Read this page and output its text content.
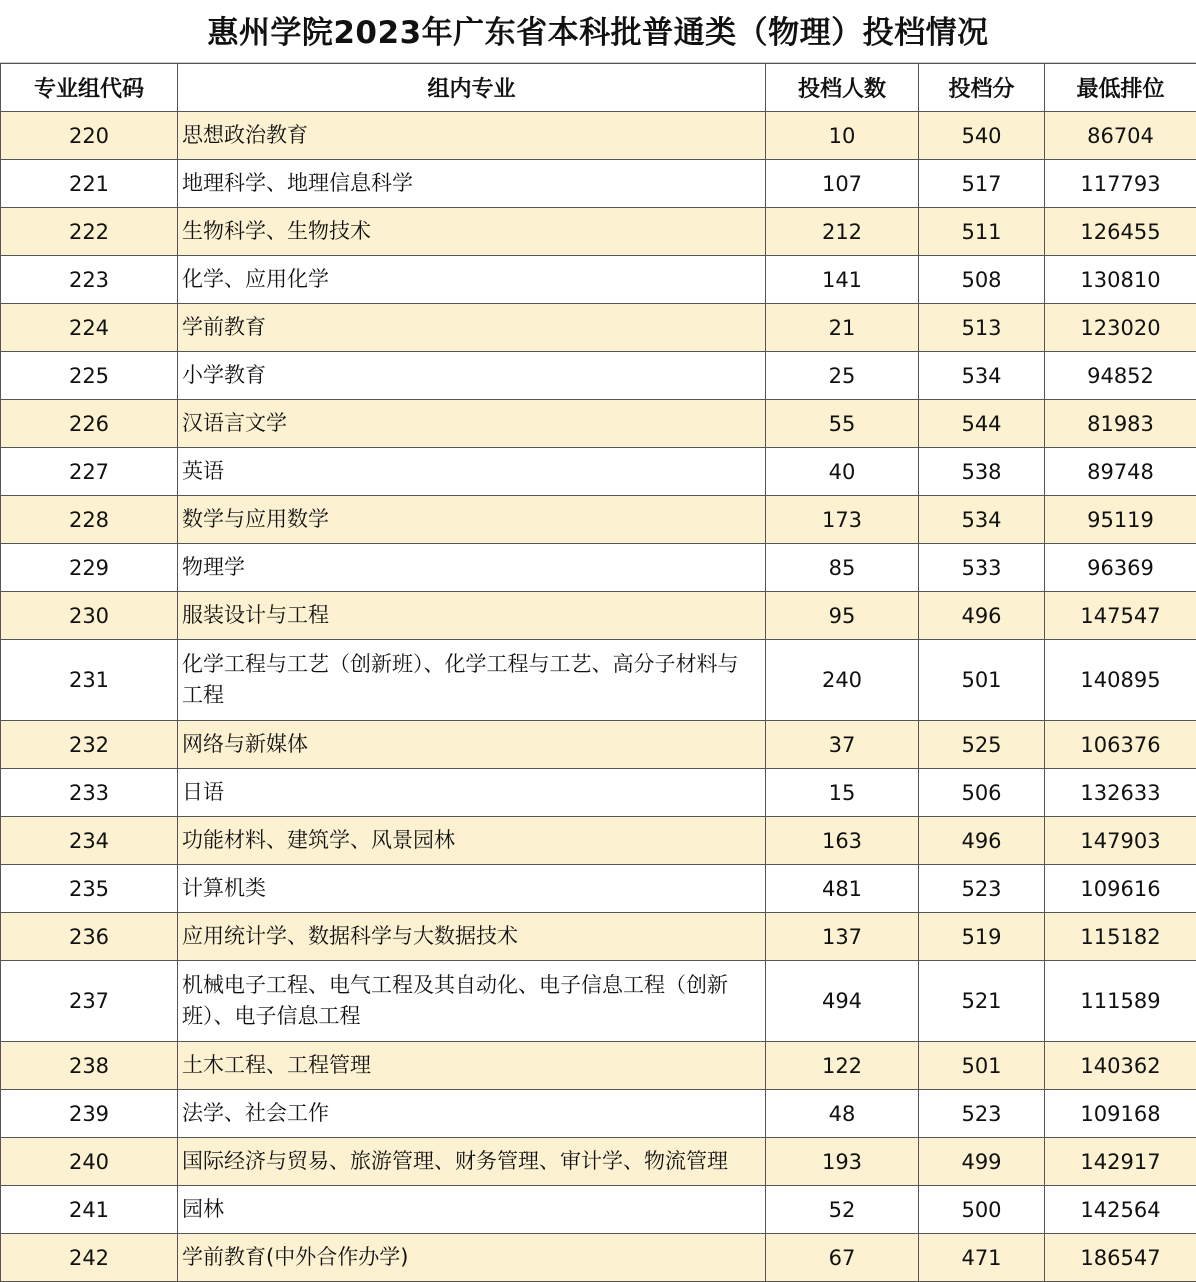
惠州学院2023年广东省本科批普通类（物理）投档情况
专业组代码	组内专业	投档人数	投档分	最低排位
220	思想政治教育	10	540	86704
221	地理科学、地理信息科学	107	517	117793
222	生物科学、生物技术	212	511	126455
223	化学、应用化学	141	508	130810
224	学前教育	21	513	123020
225	小学教育	25	534	94852
226	汉语言文学	55	544	81983
227	英语	40	538	89748
228	数学与应用数学	173	534	95119
229	物理学	85	533	96369
230	服装设计与工程	95	496	147547
231	化学工程与工艺（创新班）、化学工程与工艺、高分子材料与工程	240	501	140895
232	网络与新媒体	37	525	106376
233	日语	15	506	132633
234	功能材料、建筑学、风景园林	163	496	147903
235	计算机类	481	523	109616
236	应用统计学、数据科学与大数据技术	137	519	115182
237	机械电子工程、电气工程及其自动化、电子信息工程（创新班）、电子信息工程	494	521	111589
238	土木工程、工程管理	122	501	140362
239	法学、社会工作	48	523	109168
240	国际经济与贸易、旅游管理、财务管理、审计学、物流管理	193	499	142917
241	园林	52	500	142564
242	学前教育(中外合作办学)	67	471	186547
